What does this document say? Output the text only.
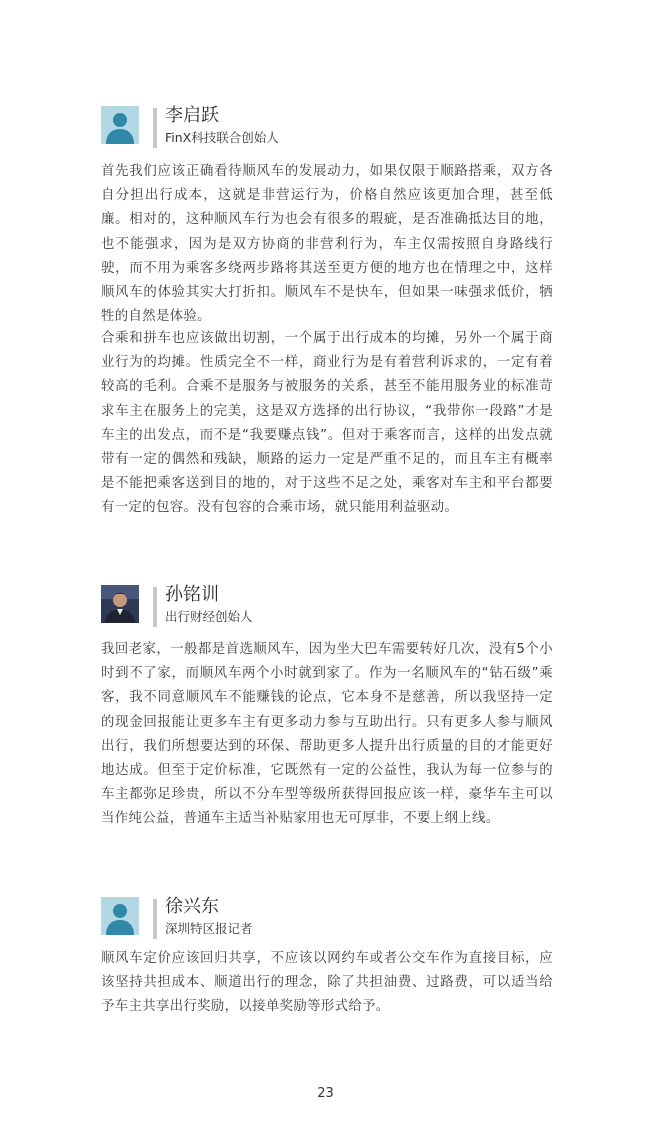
李启跃
FinX科技联合创始人

首先我们应该正确看待顺风车的发展动力，如果仅限于顺路搭乘，双方各自分担出行成本，这就是非营运行为，价格自然应该更加合理，甚至低廉。相对的，这种顺风车行为也会有很多的瑕疵，是否准确抵达目的地，也不能强求，因为是双方协商的非营利行为，车主仅需按照自身路线行驶，而不用为乘客多绕两步路将其送至更方便的地方也在情理之中，这样顺风车的体验其实大打折扣。顺风车不是快车，但如果一味强求低价，牺牲的自然是体验。

合乘和拼车也应该做出切割，一个属于出行成本的均摊，另外一个属于商业行为的均摊。性质完全不一样，商业行为是有着营利诉求的，一定有着较高的毛利。合乘不是服务与被服务的关系，甚至不能用服务业的标准苛求车主在服务上的完美，这是双方选择的出行协议，“我带你一段路”才是车主的出发点，而不是“我要赚点钱”。但对于乘客而言，这样的出发点就带有一定的偶然和残缺，顺路的运力一定是严重不足的，而且车主有概率是不能把乘客送到目的地的，对于这些不足之处，乘客对车主和平台都要有一定的包容。没有包容的合乘市场，就只能用利益驱动。

孙铭训
出行财经创始人

我回老家，一般都是首选顺风车，因为坐大巴车需要转好几次，没有5个小时到不了家，而顺风车两个小时就到家了。作为一名顺风车的“钻石级”乘客，我不同意顺风车不能赚钱的论点，它本身不是慈善，所以我坚持一定的现金回报能让更多车主有更多动力参与互助出行。只有更多人参与顺风出行，我们所想要达到的环保、帮助更多人提升出行质量的目的才能更好地达成。但至于定价标准，它既然有一定的公益性，我认为每一位参与的车主都弥足珍贵，所以不分车型等级所获得回报应该一样，豪华车主可以当作纯公益，普通车主适当补贴家用也无可厚非，不要上纲上线。

徐兴东
深圳特区报记者

顺风车定价应该回归共享，不应该以网约车或者公交车作为直接目标，应该坚持共担成本、顺道出行的理念，除了共担油费、过路费，可以适当给予车主共享出行奖励，以接单奖励等形式给予。

23
